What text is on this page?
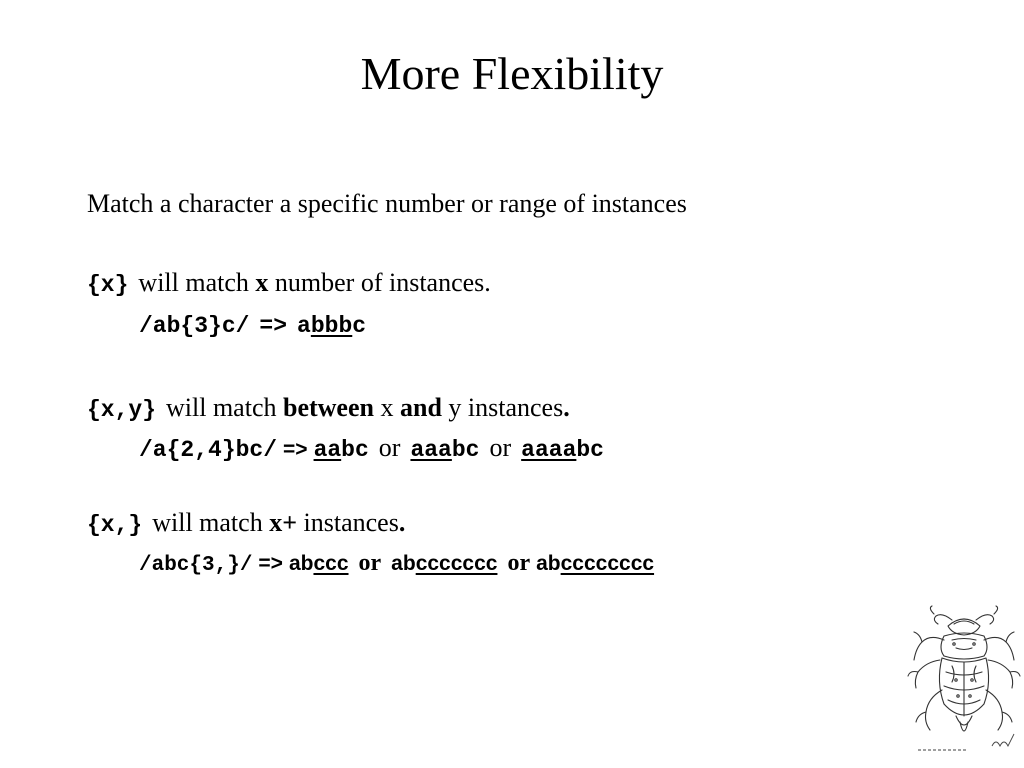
More Flexibility
Match a character a specific number or range of instances
{x} will match x number of instances.
/ab{3}c/ => abbbc
{x,y} will match between x and y instances.
/a{2,4}bc/ => aabc or aaabc or aaaabc
{x,} will match x+ instances.
/abc{3,}/ => abccc or abccccccc or abcccccccc
